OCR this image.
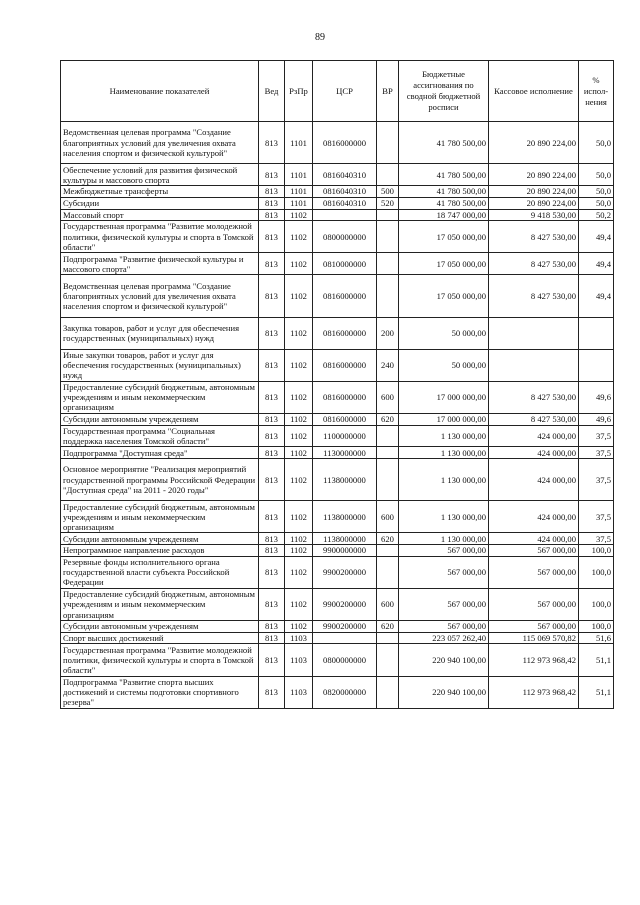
89
Наименование показателей	Вед	РзПр	ЦСР	ВР	Бюджетные ассигнования по сводной бюджетной росписи	Кассовое исполнение	% испол-нения
Ведомственная целевая программа "Создание благоприятных условий для увеличения охвата населения спортом и физической культурой"	813	1101	0816000000		41 780 500,00	20 890 224,00	50,0
Обеспечение условий для развития физической культуры и массового спорта	813	1101	0816040310		41 780 500,00	20 890 224,00	50,0
Межбюджетные трансферты	813	1101	0816040310	500	41 780 500,00	20 890 224,00	50,0
Субсидии	813	1101	0816040310	520	41 780 500,00	20 890 224,00	50,0
Массовый спорт	813	1102			18 747 000,00	9 418 530,00	50,2
Государственная программа "Развитие молодежной политики, физической культуры и спорта в Томской области"	813	1102	0800000000		17 050 000,00	8 427 530,00	49,4
Подпрограмма "Развитие физической культуры и массового спорта"	813	1102	0810000000		17 050 000,00	8 427 530,00	49,4
Ведомственная целевая программа "Создание благоприятных условий для увеличения охвата населения спортом и физической культурой"	813	1102	0816000000		17 050 000,00	8 427 530,00	49,4
Закупка товаров, работ и услуг для обеспечения государственных (муниципальных) нужд	813	1102	0816000000	200	50 000,00		
Иные закупки товаров, работ и услуг для обеспечения государственных (муниципальных) нужд	813	1102	0816000000	240	50 000,00		
Предоставление субсидий бюджетным, автономным учреждениям и иным некоммерческим организациям	813	1102	0816000000	600	17 000 000,00	8 427 530,00	49,6
Субсидии автономным учреждениям	813	1102	0816000000	620	17 000 000,00	8 427 530,00	49,6
Государственная программа "Социальная поддержка населения Томской области"	813	1102	1100000000		1 130 000,00	424 000,00	37,5
Подпрограмма "Доступная среда"	813	1102	1130000000		1 130 000,00	424 000,00	37,5
Основное мероприятие "Реализация мероприятий государственной программы Российской Федерации "Доступная среда" на 2011 - 2020 годы"	813	1102	1138000000		1 130 000,00	424 000,00	37,5
Предоставление субсидий бюджетным, автономным учреждениям и иным некоммерческим организациям	813	1102	1138000000	600	1 130 000,00	424 000,00	37,5
Субсидии автономным учреждениям	813	1102	1138000000	620	1 130 000,00	424 000,00	37,5
Непрограммное направление расходов	813	1102	9900000000		567 000,00	567 000,00	100,0
Резервные фонды исполнительного органа государственной власти субъекта Российской Федерации	813	1102	9900200000		567 000,00	567 000,00	100,0
Предоставление субсидий бюджетным, автономным учреждениям и иным некоммерческим организациям	813	1102	9900200000	600	567 000,00	567 000,00	100,0
Субсидии автономным учреждениям	813	1102	9900200000	620	567 000,00	567 000,00	100,0
Спорт высших достижений	813	1103			223 057 262,40	115 069 570,82	51,6
Государственная программа "Развитие молодежной политики, физической культуры и спорта в Томской области"	813	1103	0800000000		220 940 100,00	112 973 968,42	51,1
Подпрограмма "Развитие спорта высших достижений и системы подготовки спортивного резерва"	813	1103	0820000000		220 940 100,00	112 973 968,42	51,1
